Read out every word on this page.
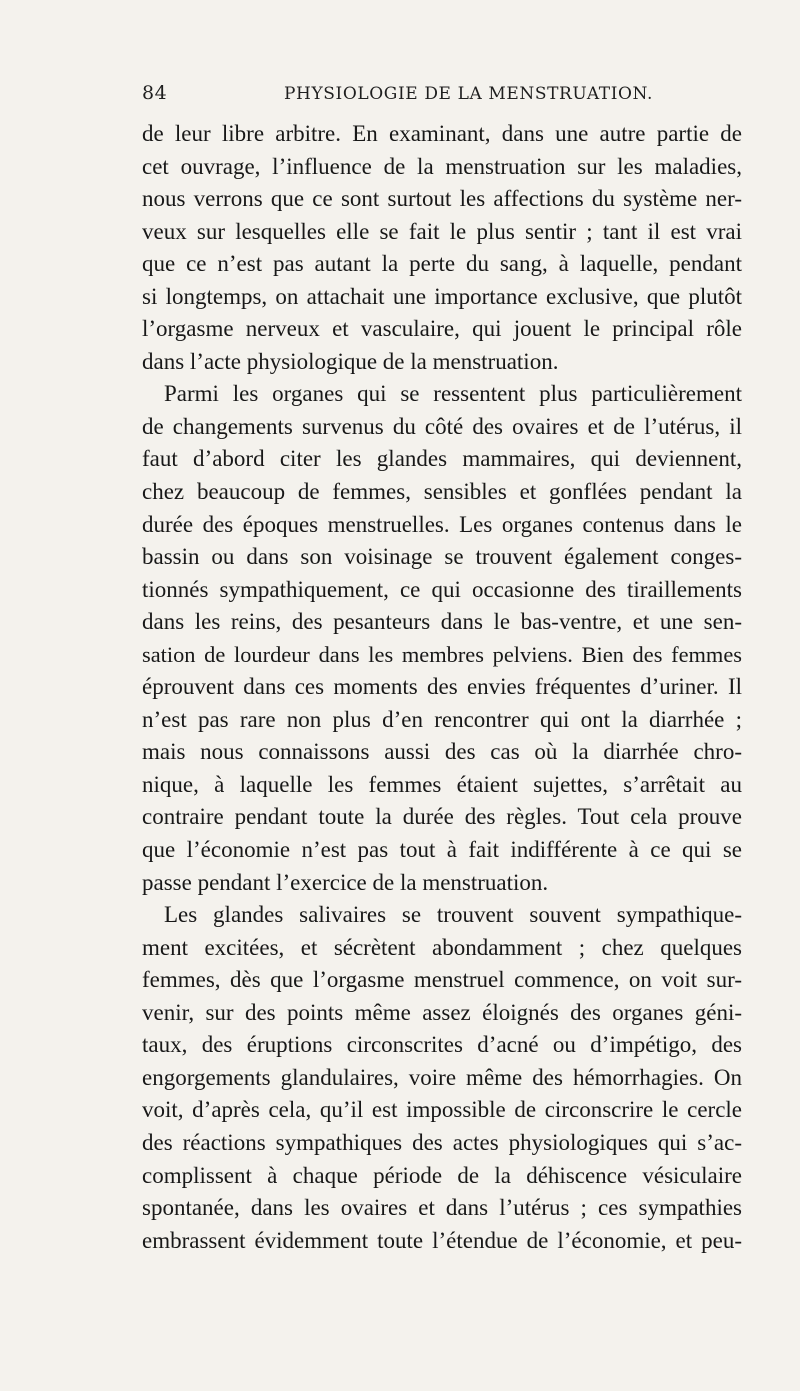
84	PHYSIOLOGIE DE LA MENSTRUATION.
de leur libre arbitre. En examinant, dans une autre partie de
cet ouvrage, l’influence de la menstruation sur les maladies,
nous verrons que ce sont surtout les affections du système ner-
veux sur lesquelles elle se fait le plus sentir ; tant il est vrai
que ce n’est pas autant la perte du sang, à laquelle, pendant
si longtemps, on attachait une importance exclusive, que plutôt
l’orgasme nerveux et vasculaire, qui jouent le principal rôle
dans l’acte physiologique de la menstruation.
Parmi les organes qui se ressentent plus particulièrement
de changements survenus du côté des ovaires et de l’utérus, il
faut d’abord citer les glandes mammaires, qui deviennent,
chez beaucoup de femmes, sensibles et gonflées pendant la
durée des époques menstruelles. Les organes contenus dans le
bassin ou dans son voisinage se trouvent également conges-
tionnés sympathiquement, ce qui occasionne des tiraillements
dans les reins, des pesanteurs dans le bas-ventre, et une sen-
sation de lourdeur dans les membres pelviens. Bien des femmes
éprouvent dans ces moments des envies fréquentes d’uriner. Il
n’est pas rare non plus d’en rencontrer qui ont la diarrhée ;
mais nous connaissons aussi des cas où la diarrhée chro-
nique, à laquelle les femmes étaient sujettes, s’arrêtait au
contraire pendant toute la durée des règles. Tout cela prouve
que l’économie n’est pas tout à fait indifférente à ce qui se
passe pendant l’exercice de la menstruation.
Les glandes salivaires se trouvent souvent sympathique-
ment excitées, et sécrètent abondamment ; chez quelques
femmes, dès que l’orgasme menstruel commence, on voit sur-
venir, sur des points même assez éloignés des organes géni-
taux, des éruptions circonscrites d’acné ou d’impétigo, des
engorgements glandulaires, voire même des hémorrhagies. On
voit, d’après cela, qu’il est impossible de circonscrire le cercle
des réactions sympathiques des actes physiologiques qui s’ac-
complissent à chaque période de la déhiscence vésiculaire
spontanée, dans les ovaires et dans l’utérus ; ces sympathies
embrassent évidemment toute l’étendue de l’économie, et peu-
